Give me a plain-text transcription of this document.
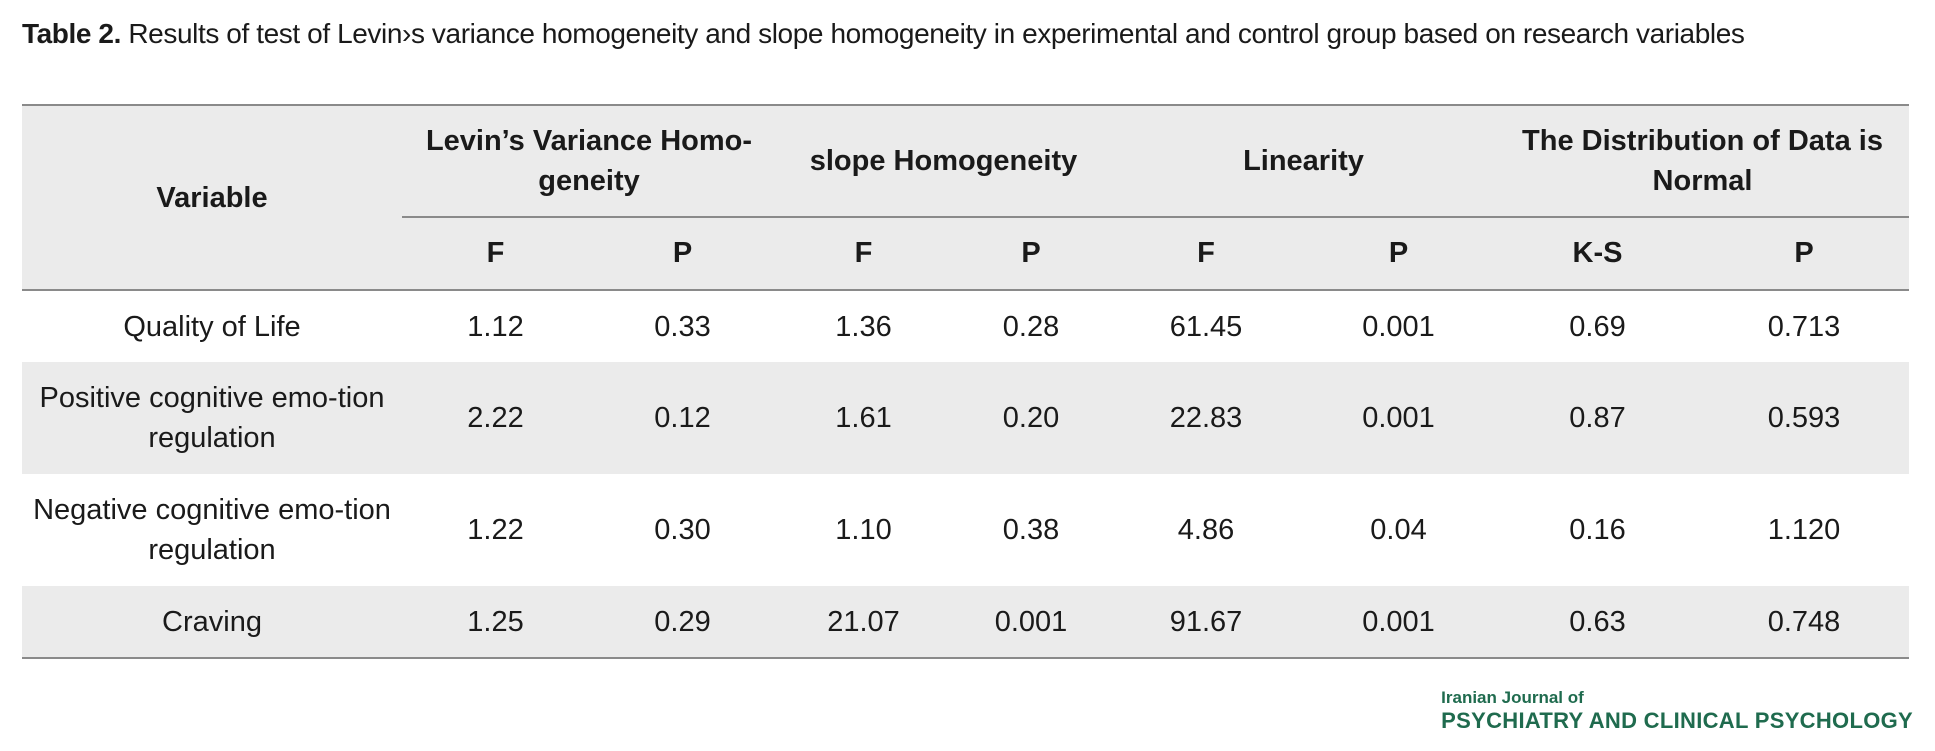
Table 2. Results of test of Levin›s variance homogeneity and slope homogeneity in experimental and control group based on research variables
Variable	Levin’s Variance Homo-geneity		slope Homogeneity		Linearity		The Distribution of Data is Normal	
	F	P	F	P	F	P	K-S	P
Quality of Life	1.12	0.33	1.36	0.28	61.45	0.001	0.69	0.713
Positive cognitive emo-tion regulation	2.22	0.12	1.61	0.20	22.83	0.001	0.87	0.593
Negative cognitive emo-tion regulation	1.22	0.30	1.10	0.38	4.86	0.04	0.16	1.120
Craving	1.25	0.29	21.07	0.001	91.67	0.001	0.63	0.748
Iranian Journal of
PSYCHIATRY AND CLINICAL PSYCHOLOGY
